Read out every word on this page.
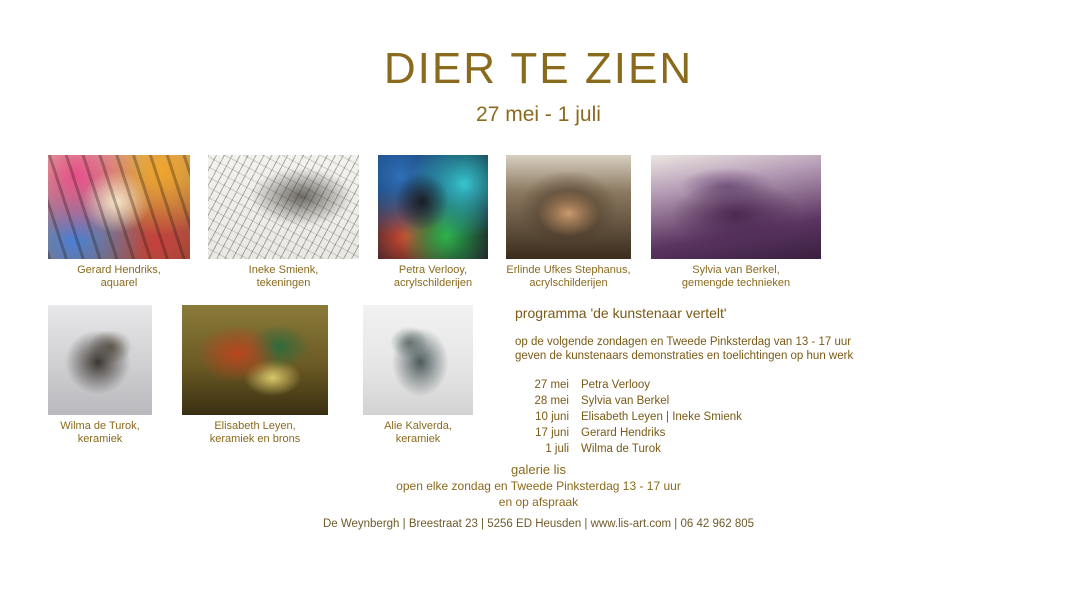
DIER TE ZIEN
27 mei - 1 juli
Gerard Hendriks,
aquarel
Ineke Smienk,
tekeningen
Petra Verlooy,
acrylschilderijen
Erlinde Ufkes Stephanus,
acrylschilderijen
Sylvia van Berkel,
gemengde technieken
Wilma de Turok,
keramiek
Elisabeth Leyen,
keramiek en brons
Alie Kalverda,
keramiek
programma 'de kunstenaar vertelt'
op de volgende zondagen en Tweede Pinksterdag van 13 - 17 uur
geven de kunstenaars demonstraties en toelichtingen op hun werk
27 mei	Petra Verlooy
28 mei	Sylvia van Berkel
10 juni	Elisabeth Leyen | Ineke Smienk
17 juni	Gerard Hendriks
1 juli	Wilma de Turok
galerie lis
open elke zondag en Tweede Pinksterdag 13 - 17 uur
en op afspraak
De Weynbergh | Breestraat 23 | 5256 ED Heusden | www.lis-art.com | 06 42 962 805
